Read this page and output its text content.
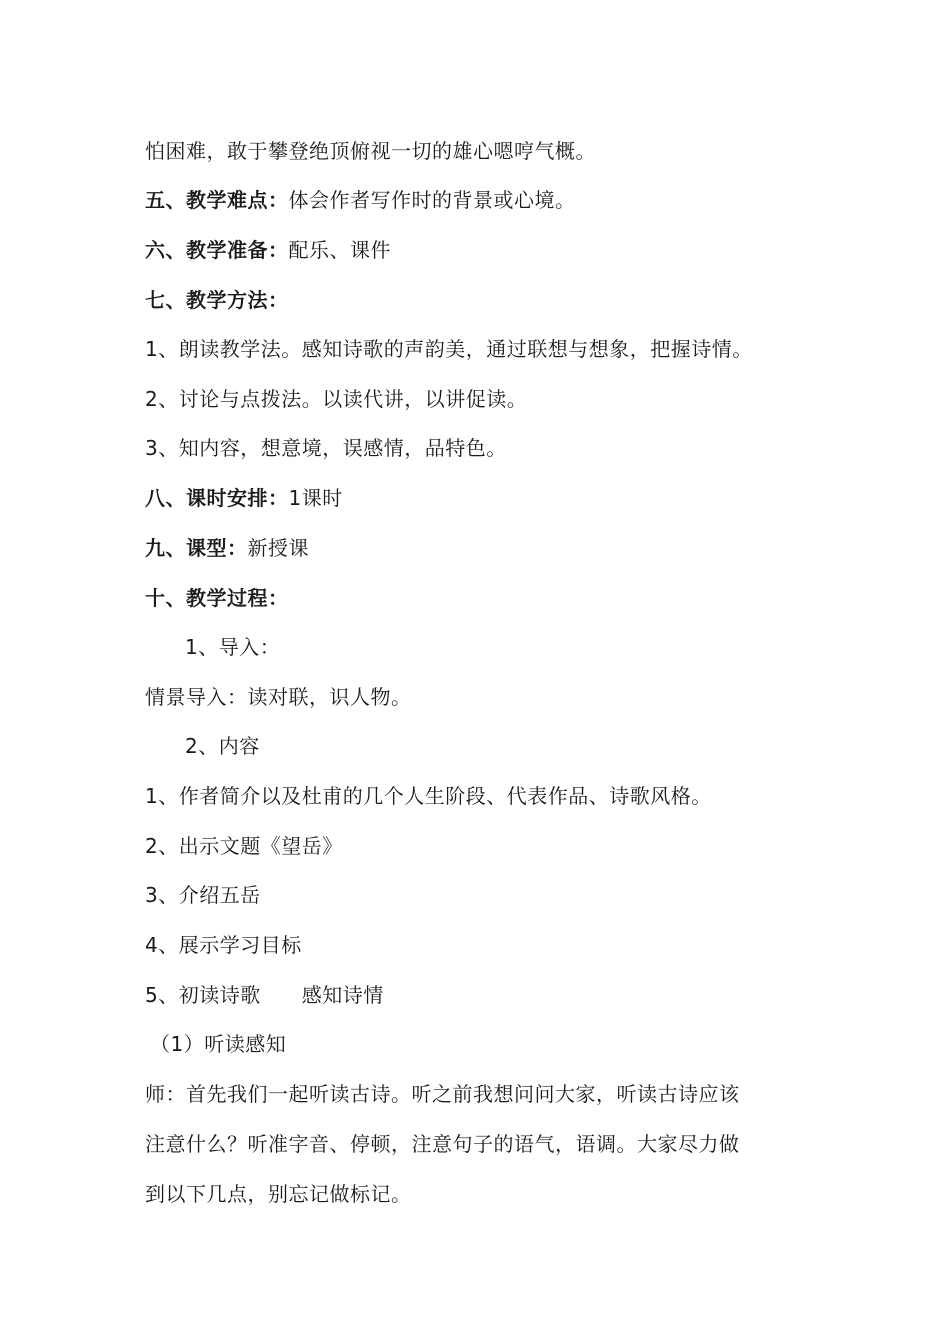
怕困难，敢于攀登绝顶俯视一切的雄心嗯哼气概。
五、教学难点：体会作者写作时的背景或心境。
六、教学准备：配乐、课件
七、教学方法：
1、朗读教学法。感知诗歌的声韵美，通过联想与想象，把握诗情。
2、讨论与点拨法。以读代讲，以讲促读。
3、知内容，想意境，误感情，品特色。
八、课时安排：1课时
九、课型：新授课
十、教学过程：
1、导入：
情景导入：读对联，识人物。
2、内容
1、作者简介以及杜甫的几个人生阶段、代表作品、诗歌风格。
2、出示文题《望岳》
3、介绍五岳
4、展示学习目标
5、初读诗歌　　感知诗情
（1）听读感知
师：首先我们一起听读古诗。听之前我想问问大家，听读古诗应该
注意什么？听准字音、停顿，注意句子的语气，语调。大家尽力做
到以下几点，别忘记做标记。
